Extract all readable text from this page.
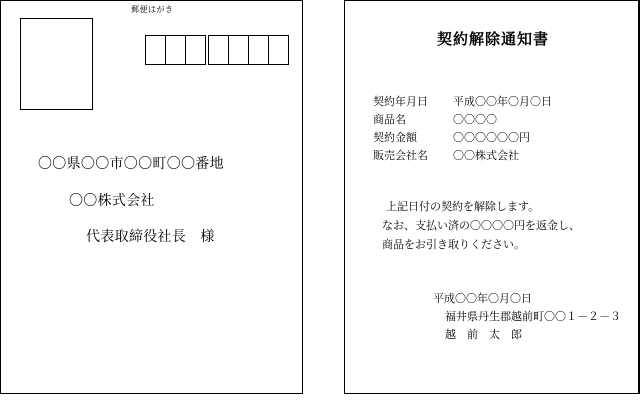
郵便はがき
〇〇県〇〇市〇〇町〇〇番地
〇〇株式会社
代表取締役社長　様
契約解除通知書
契約年月日 平成〇〇年〇月〇日
商品名	〇〇〇〇
契約金額	〇〇〇〇〇〇円
販売会社名 〇〇株式会社
上記日付の契約を解除します。
なお、支払い済の〇〇〇〇円を返金し、
商品をお引き取りください。
平成〇〇年〇月〇日
福井県丹生郡越前町〇〇１－２－３
越　前　太　郎
